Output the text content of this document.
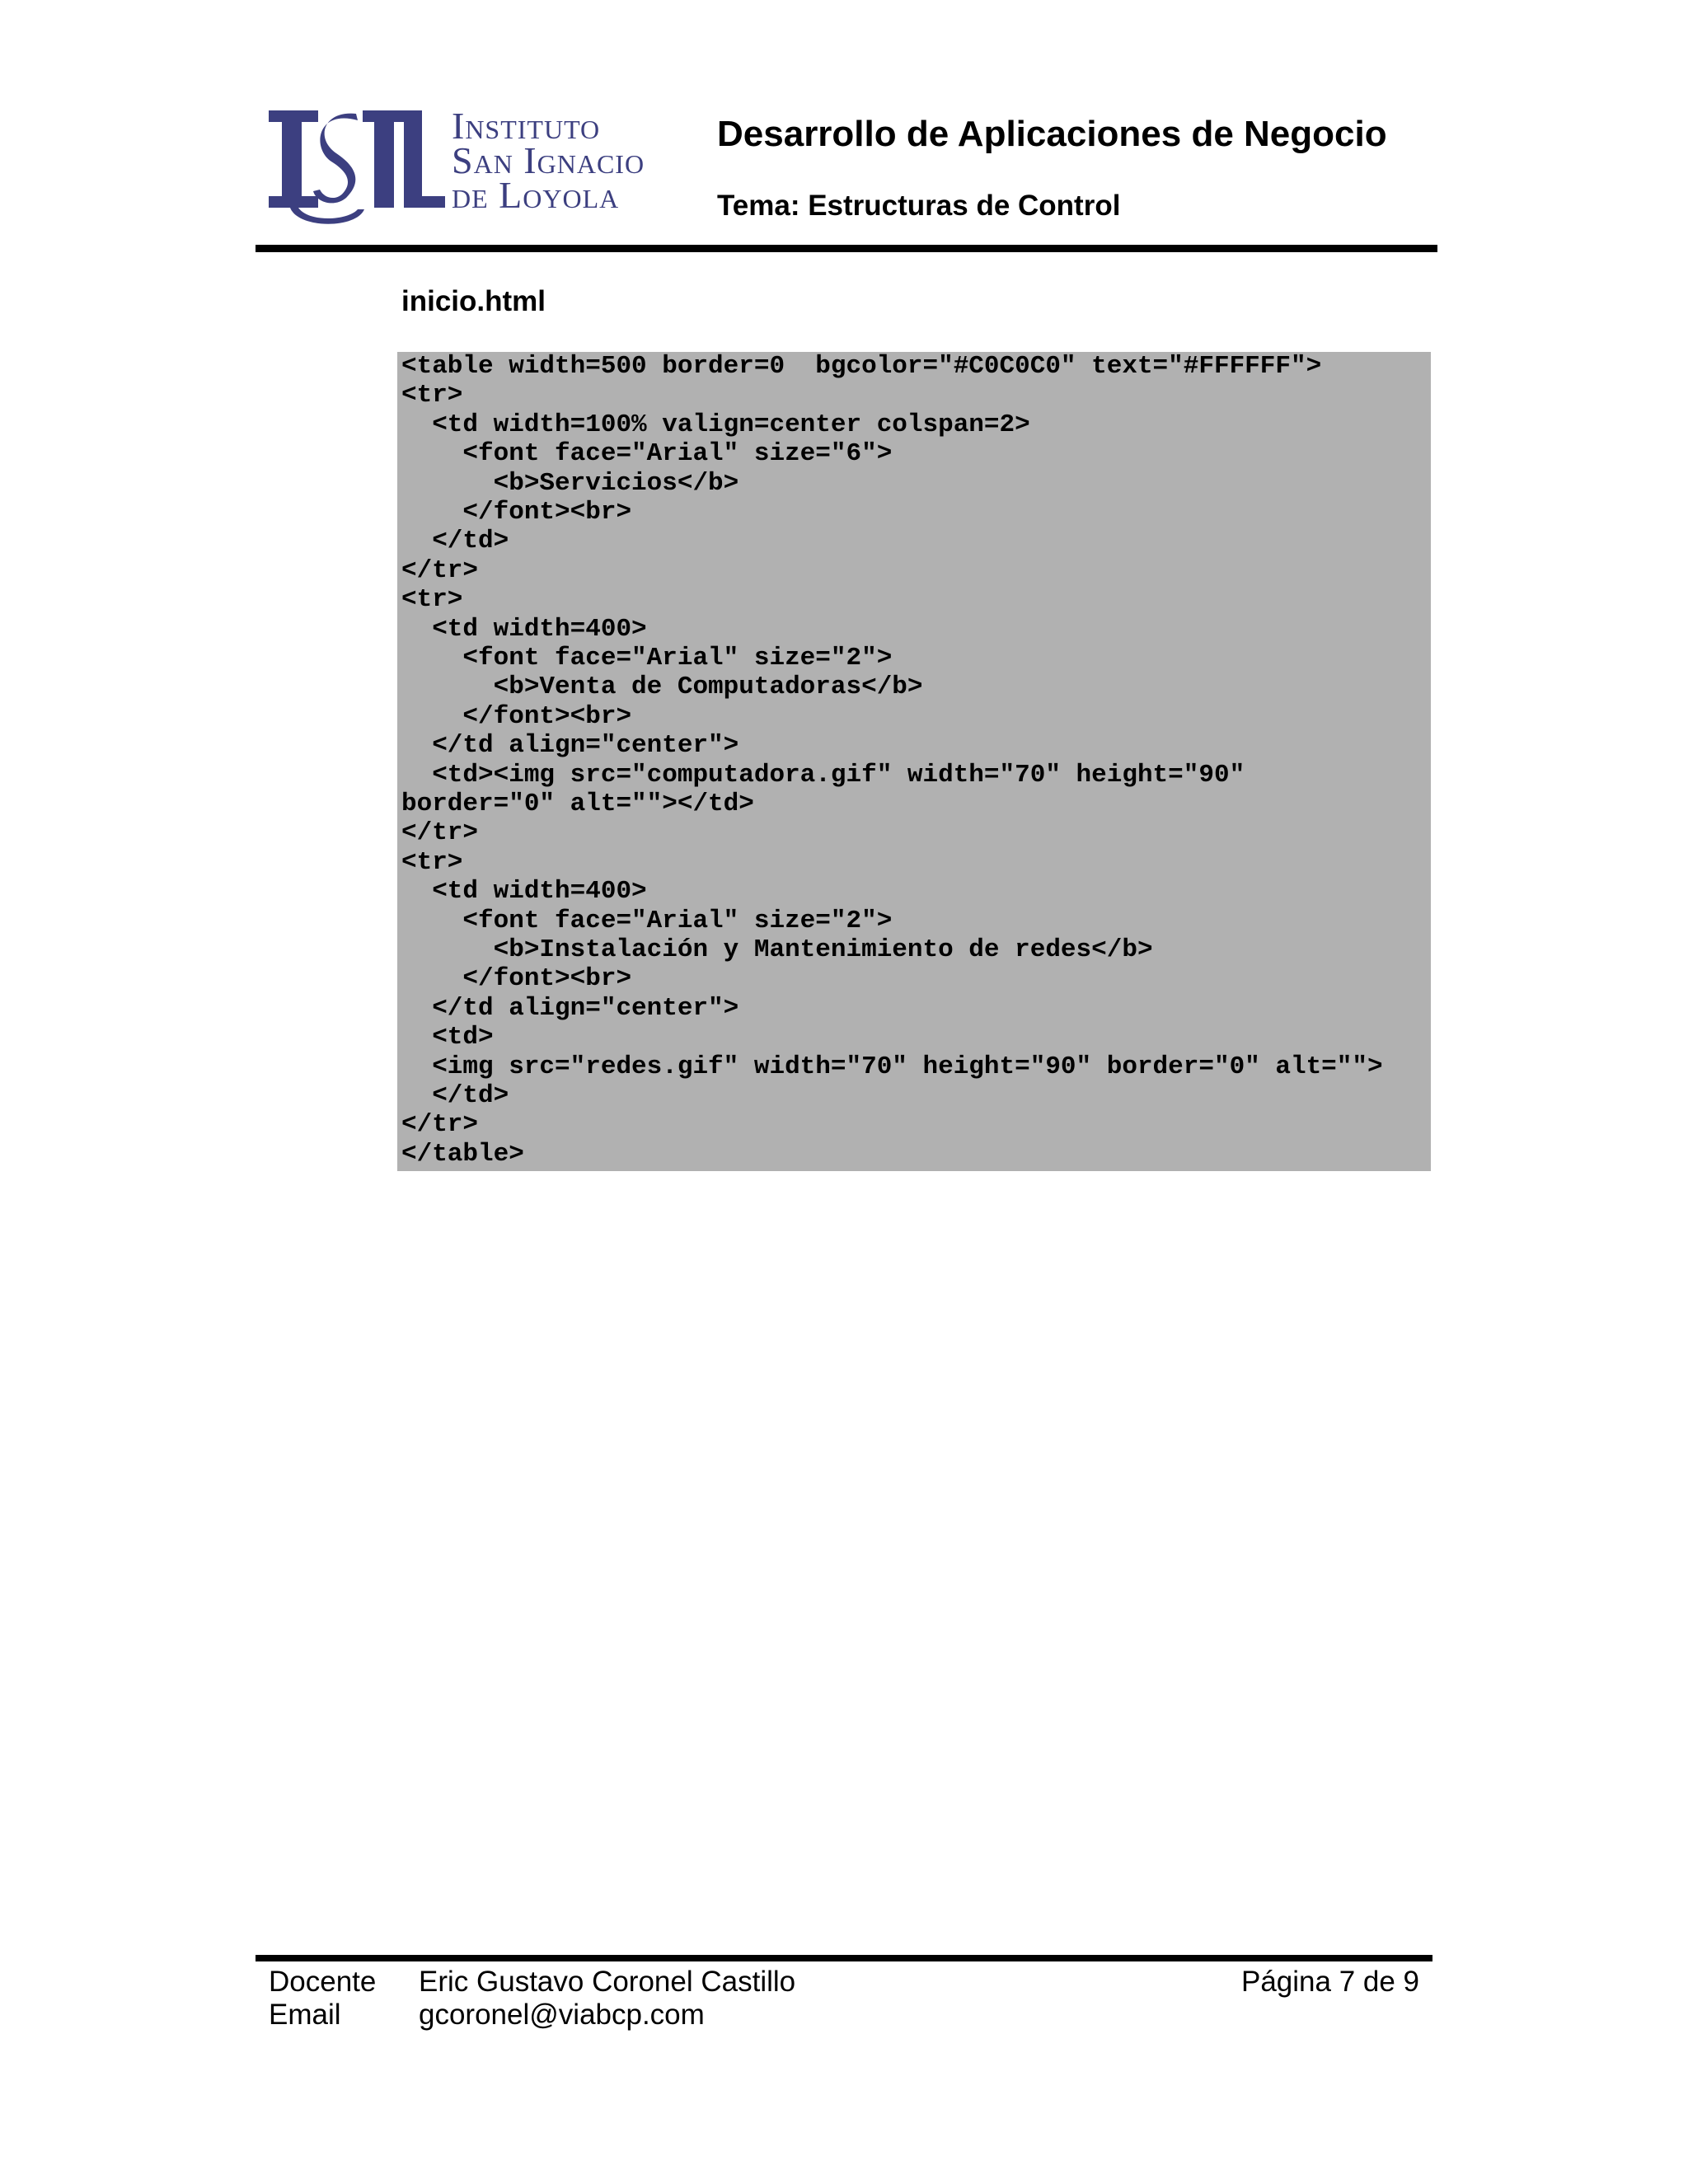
Instituto
San Ignacio
de Loyola
Desarrollo de Aplicaciones de Negocio
Tema: Estructuras de Control
inicio.html
<table width=500 border=0  bgcolor="#C0C0C0" text="#FFFFFF">
<tr>
<td width=100% valign=center colspan=2>
<font face="Arial" size="6">
<b>Servicios</b>
</font><br>
</td>
</tr>
<tr>
<td width=400>
<font face="Arial" size="2">
<b>Venta de Computadoras</b>
</font><br>
</td align="center">
<td><img src="computadora.gif" width="70" height="90"
border="0" alt=""></td>
</tr>
<tr>
<td width=400>
<font face="Arial" size="2">
<b>Instalación y Mantenimiento de redes</b>
</font><br>
</td align="center">
<td>
<img src="redes.gif" width="70" height="90" border="0" alt="">
</td>
</tr>
</table>
Docente Eric Gustavo Coronel Castillo
Email	gcoronel@viabcp.com
Página 7 de 9
